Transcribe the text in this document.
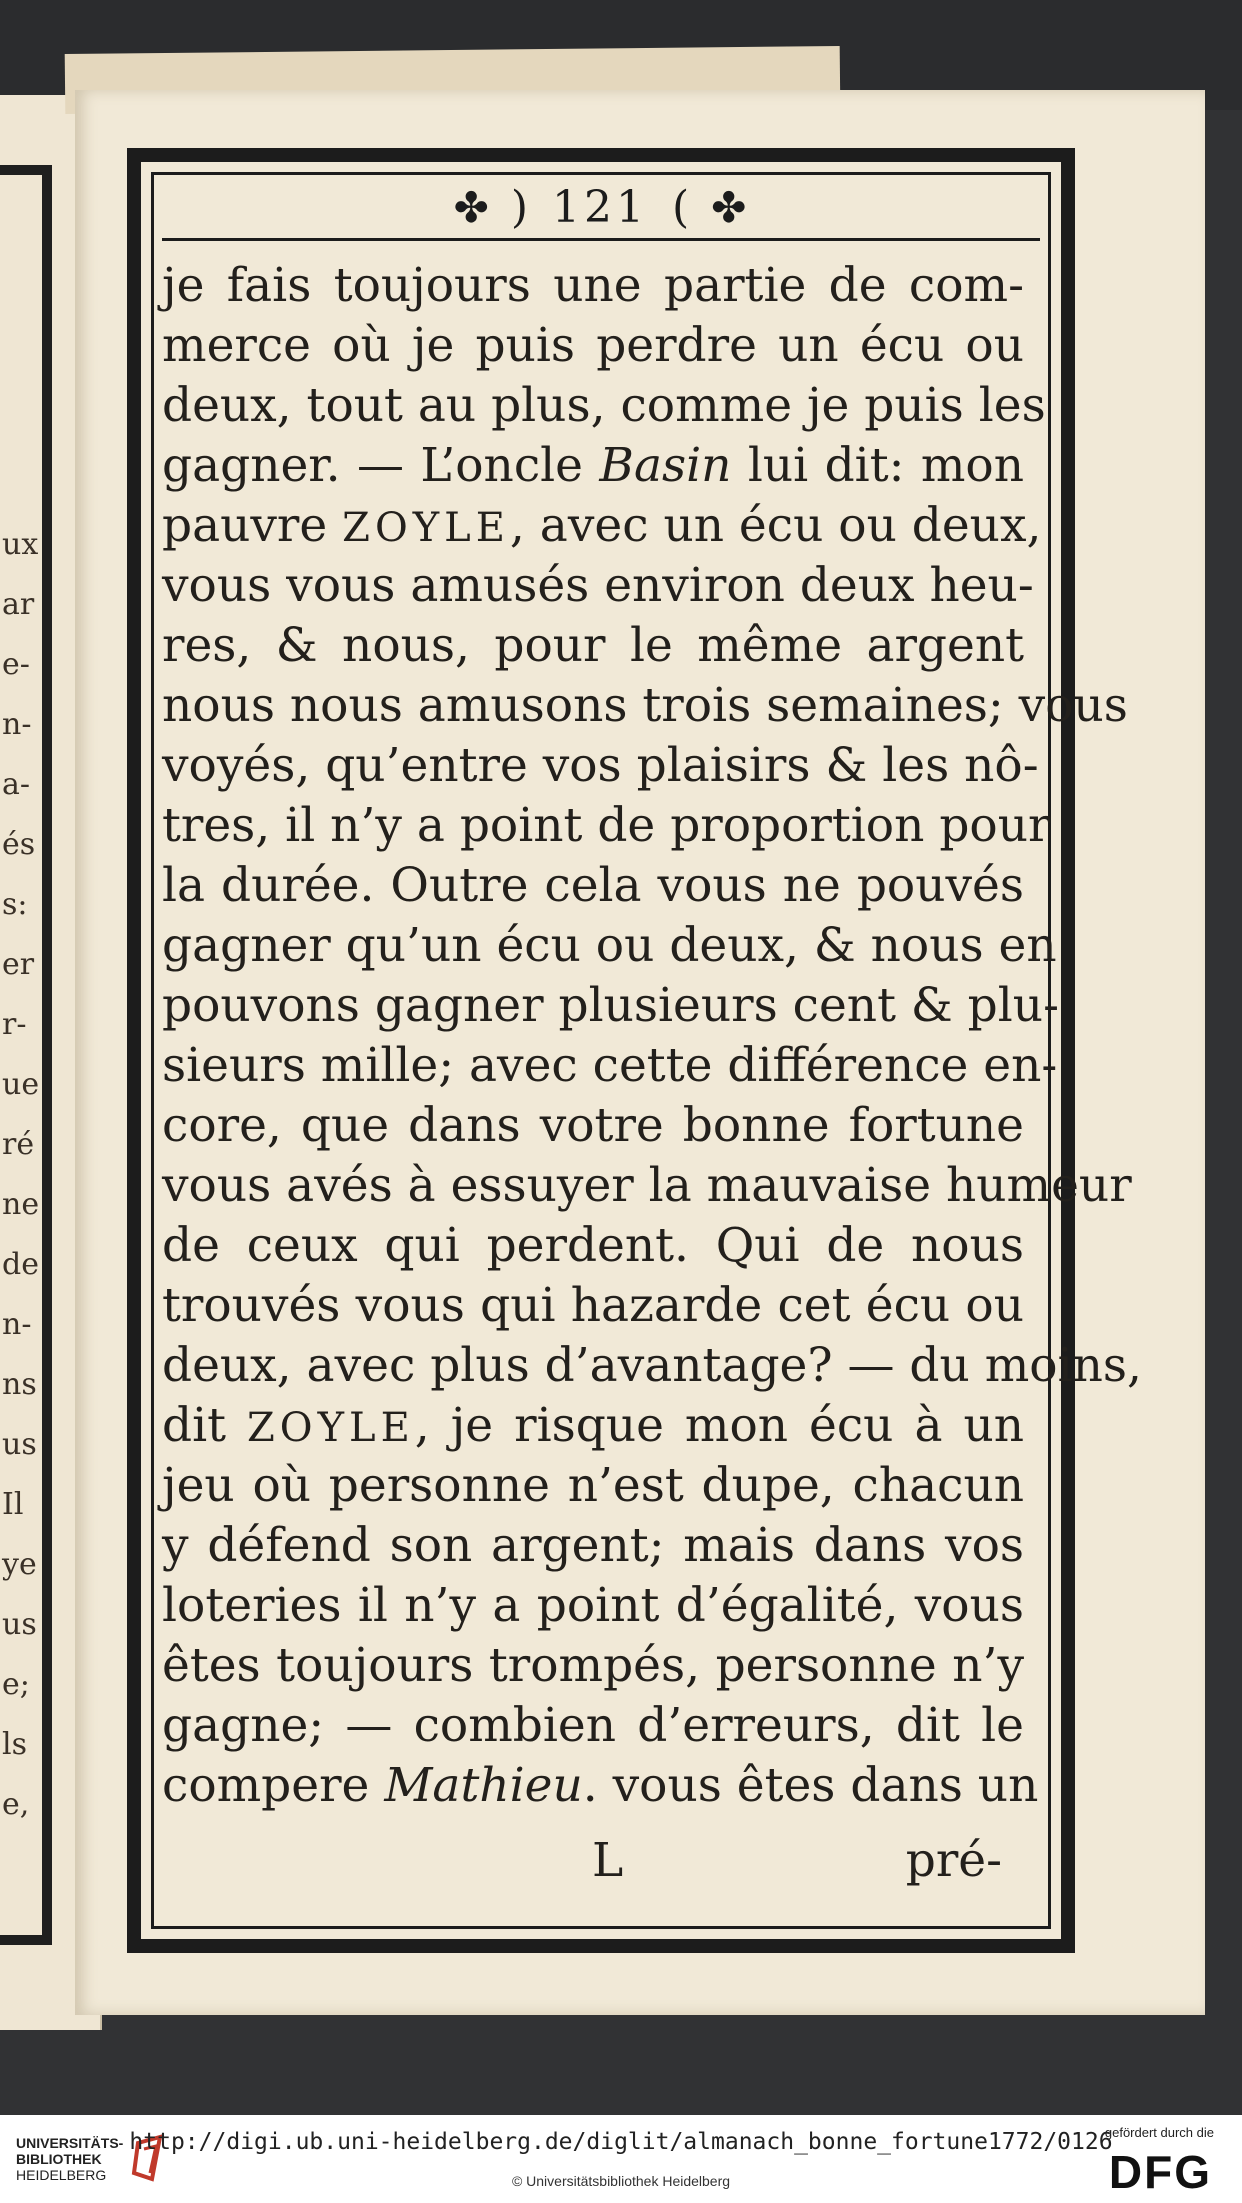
ux
ar
e-
n-
a-
és
s:
er
r-
ue
ré
ne
de
n-
ns
us
Il
ye
us
e;
ls
e,
✤ ) 121 ( ✤
je fais toujours une partie de com-
merce où je puis perdre un écu ou
deux, tout au plus, comme je puis les
gagner. — L’oncle Basin lui dit: mon
pauvre ZOYLE, avec un écu ou deux,
vous vous amusés environ deux heu-
res, & nous, pour le même argent
nous nous amusons trois semaines; vous
voyés, qu’entre vos plaisirs & les nô-
tres, il n’y a point de proportion pour
la durée. Outre cela vous ne pouvés
gagner qu’un écu ou deux, & nous en
pouvons gagner plusieurs cent & plu-
sieurs mille; avec cette différence en-
core, que dans votre bonne fortune
vous avés à essuyer la mauvaise humeur
de ceux qui perdent. Qui de nous
trouvés vous qui hazarde cet écu ou
deux, avec plus d’avantage? — du moins,
dit ZOYLE, je risque mon écu à un
jeu où personne n’est dupe, chacun
y défend son argent; mais dans vos
loteries il n’y a point d’égalité, vous
êtes toujours trompés, personne n’y
gagne; — combien d’erreurs, dit le
compere Mathieu. vous êtes dans un
L	pré-
UNIVERSITÄTS-
BIBLIOTHEK
HEIDELBERG
http://digi.ub.uni-heidelberg.de/diglit/almanach_bonne_fortune1772/0126
© Universitätsbibliothek Heidelberg
gefördert durch die
DFG
